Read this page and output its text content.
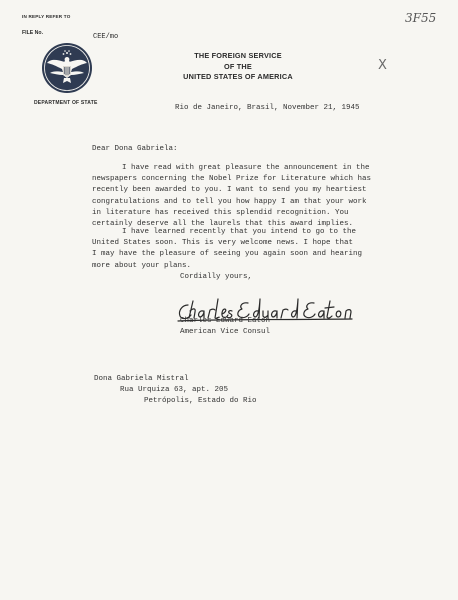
IN REPLY REFER TO
FILE No.	CEE/mo
3F55
DEPARTMENT OF STATE
THE FOREIGN SERVICE
OF THE
UNITED STATES OF AMERICA
X
Rio de Janeiro, Brasil, November 21, 1945
Dear Dona Gabriela:
I have read with great pleasure the announcement in the
newspapers concerning the Nobel Prize for Literature which has
recently been awarded to you. I want to send you my heartiest
congratulations and to tell you how happy I am that your work
in literature has received this splendid recognition. You
certainly deserve all the laurels that this award implies.
I have learned recently that you intend to go to the
United States soon. This is very welcome news. I hope that
I may have the pleasure of seeing you again soon and hearing
more about your plans.
Cordially yours,
Charles Edward Eaton
American Vice Consul
Dona Gabriela Mistral
Rua Urquiza 63, apt. 205
Petrópolis, Estado do Rio
